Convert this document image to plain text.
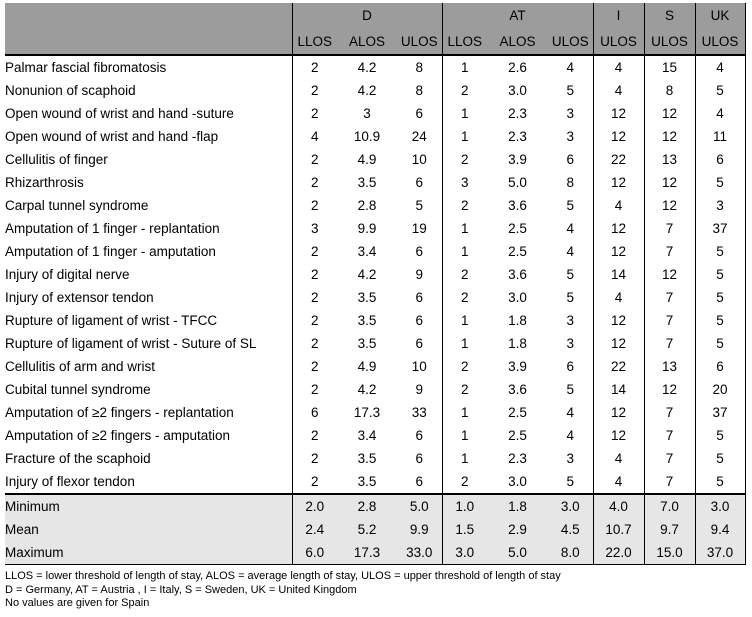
	D			AT			I	S	UK
	LLOS	ALOS	ULOS	LLOS	ALOS	ULOS	ULOS	ULOS	ULOS
Palmar fascial fibromatosis	2	4.2	8	1	2.6	4	4	15	4
Nonunion of scaphoid	2	4.2	8	2	3.0	5	4	8	5
Open wound of wrist and hand -suture	2	3	6	1	2.3	3	12	12	4
Open wound of wrist and hand -flap	4	10.9	24	1	2.3	3	12	12	11
Cellulitis of finger	2	4.9	10	2	3.9	6	22	13	6
Rhizarthrosis	2	3.5	6	3	5.0	8	12	12	5
Carpal tunnel syndrome	2	2.8	5	2	3.6	5	4	12	3
Amputation of 1 finger - replantation	3	9.9	19	1	2.5	4	12	7	37
Amputation of 1 finger - amputation	2	3.4	6	1	2.5	4	12	7	5
Injury of digital nerve	2	4.2	9	2	3.6	5	14	12	5
Injury of extensor tendon	2	3.5	6	2	3.0	5	4	7	5
Rupture of ligament of wrist - TFCC	2	3.5	6	1	1.8	3	12	7	5
Rupture of ligament of wrist - Suture of SL	2	3.5	6	1	1.8	3	12	7	5
Cellulitis of arm and wrist	2	4.9	10	2	3.9	6	22	13	6
Cubital tunnel syndrome	2	4.2	9	2	3.6	5	14	12	20
Amputation of ≥2 fingers - replantation	6	17.3	33	1	2.5	4	12	7	37
Amputation of ≥2 fingers - amputation	2	3.4	6	1	2.5	4	12	7	5
Fracture of the scaphoid	2	3.5	6	1	2.3	3	4	7	5
Injury of flexor tendon	2	3.5	6	2	3.0	5	4	7	5
Minimum	2.0	2.8	5.0	1.0	1.8	3.0	4.0	7.0	3.0
Mean	2.4	5.2	9.9	1.5	2.9	4.5	10.7	9.7	9.4
Maximum	6.0	17.3	33.0	3.0	5.0	8.0	22.0	15.0	37.0
LLOS = lower threshold of length of stay, ALOS = average length of stay, ULOS = upper threshold of length of stay
D = Germany, AT = Austria , I = Italy, S = Sweden, UK = United Kingdom
No values are given for Spain
